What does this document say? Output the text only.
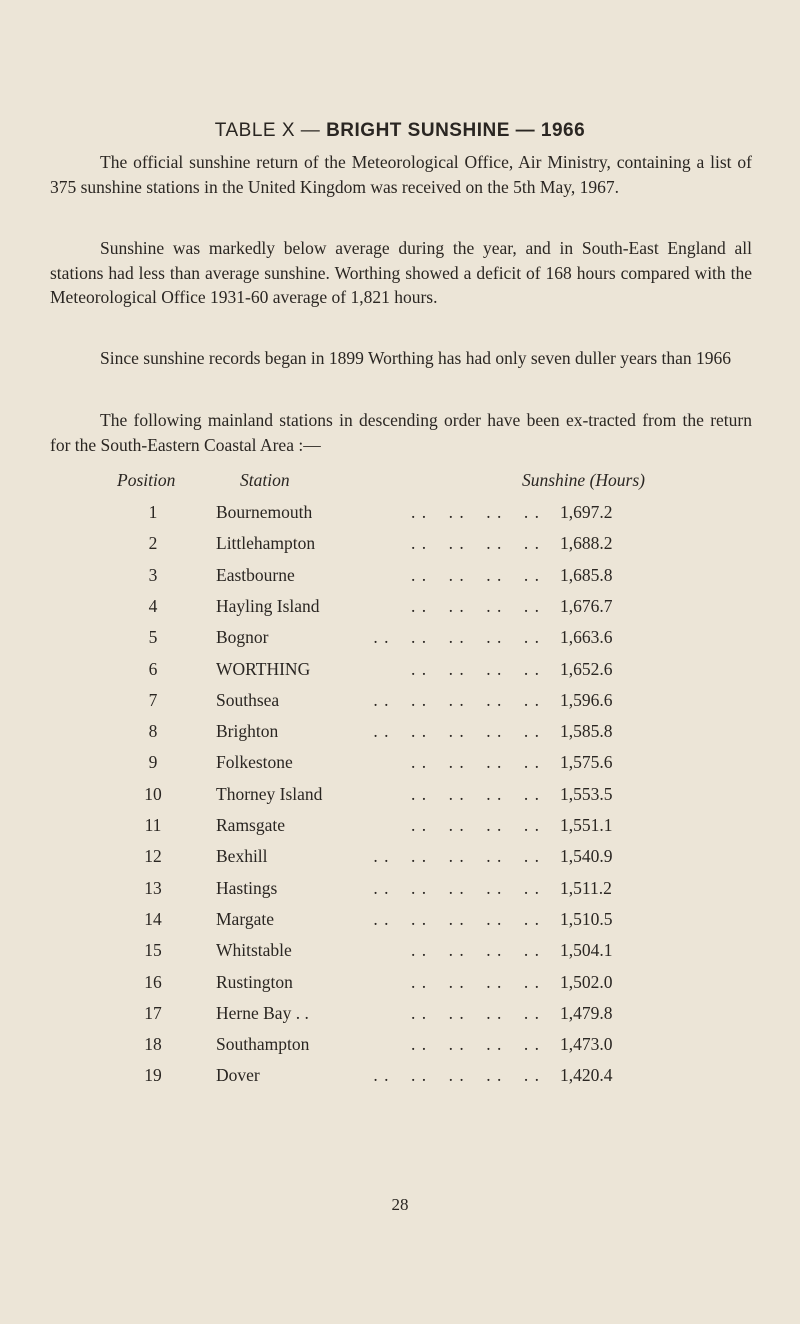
TABLE X — BRIGHT SUNSHINE — 1966
The official sunshine return of the Meteorological Office, Air Ministry, containing a list of 375 sunshine stations in the United Kingdom was received on the 5th May, 1967.
Sunshine was markedly below average during the year, and in South-East England all stations had less than average sunshine. Worthing showed a deficit of 168 hours compared with the Meteorological Office 1931-60 average of 1,821 hours.
Since sunshine records began in 1899 Worthing has had only seven duller years than 1966
The following mainland stations in descending order have been ex-tracted from the return for the South-Eastern Coastal Area :—
Position	Station	Sunshine (Hours)
1	Bournemouth	. .    . .    . .    . . 1,697.2
2	Littlehampton	. .    . .    . .    . . 1,688.2
3	Eastbourne	. .    . .    . .    . . 1,685.8
4	Hayling Island	. .    . .    . .    . . 1,676.7
5	Bognor	. .    . .    . .    . .    . . 1,663.6
6	WORTHING	. .    . .    . .    . . 1,652.6
7	Southsea	. .    . .    . .    . .    . . 1,596.6
8	Brighton	. .    . .    . .    . .    . . 1,585.8
9	Folkestone	. .    . .    . .    . . 1,575.6
10	Thorney Island	. .    . .    . .    . . 1,553.5
11	Ramsgate	. .    . .    . .    . . 1,551.1
12	Bexhill	. .    . .    . .    . .    . . 1,540.9
13	Hastings	. .    . .    . .    . .    . . 1,511.2
14	Margate	. .    . .    . .    . .    . . 1,510.5
15	Whitstable	. .    . .    . .    . . 1,504.1
16	Rustington	. .    . .    . .    . . 1,502.0
17	Herne Bay . .	. .    . .    . .    . . 1,479.8
18	Southampton	. .    . .    . .    . . 1,473.0
19	Dover	. .    . .    . .    . .    . . 1,420.4
28
